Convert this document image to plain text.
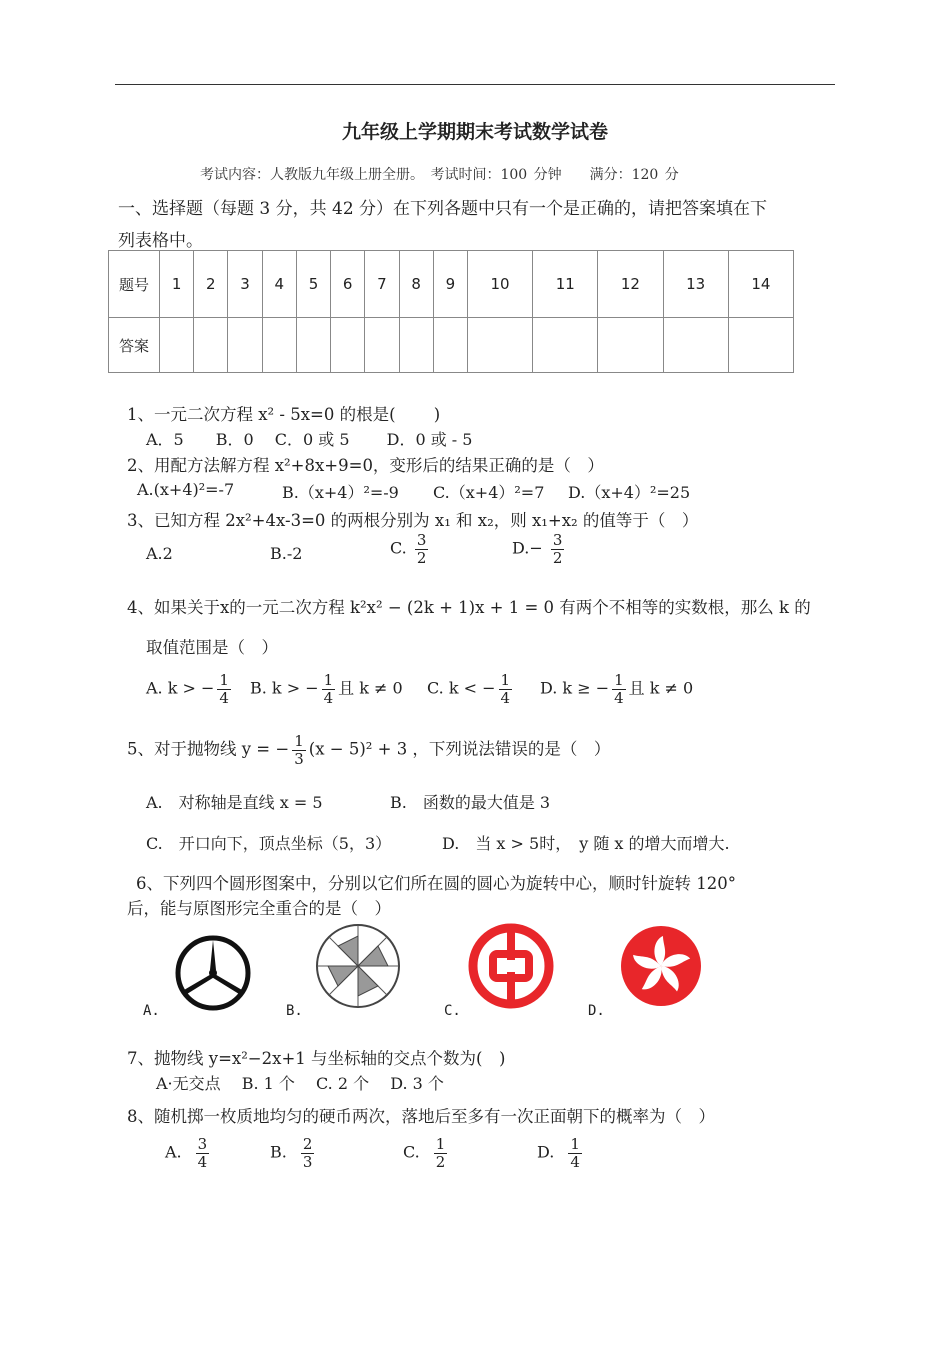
九年级上学期期末考试数学试卷
考试内容：人教版九年级上册全册。 考试时间：100 分钟　　满分：120 分
一、选择题（每题 3 分，共 42 分）在下列各题中只有一个是正确的，请把答案填在下
列表格中。
题号	1	2	3	4	5	6	7	8	9	10	11	12	13	14
答案														
1、一元二次方程 x² - 5x=0 的根是(　　 )
A．5　　B．0　 C．0 或 5　　 D．0 或 - 5
2、用配方法解方程 x²+8x+9=0，变形后的结果正确的是（　）
A.(x+4)²=-7	B.（x+4）²=-9 C.（x+4）²=7 D.（x+4）²=25
3、已知方程 2x²+4x-3=0 的两根分别为 x₁ 和 x₂，则 x₁+x₂ 的值等于（　）
A.2	B.-2	C. $\frac{3}{2}$	$D.- \frac{3}{2}$
4、如果关于x的一元二次方程 k²x² − (2k + 1)x + 1 = 0 有两个不相等的实数根，那么 k 的
取值范围是（　）
A. k > − $\frac{1}{4} B$. k > − $\frac{1}{4}$ 且 k ≠ 0 C. k < − $\frac{1}{4} D$. k ≥ − $\frac{1}{4}$ 且 k ≠ 0
5、对于抛物线 y = − $\frac{1}{3} (x - 5)^2 + 3$ ，下列说法错误的是（　）
A.　对称轴是直线 x = 5	B.　函数的最大值是 3
C.　开口向下，顶点坐标（5，3）	D.　当 x > 5时，　y 随 x 的增大而增大.
6、下列四个圆形图案中，分别以它们所在圆的圆心为旋转中心，顺时针旋转 120°
后，能与原图形完全重合的是（　）
A.	B.	C.	D.
7、抛物线 y=x²−2x+1 与坐标轴的交点个数为(　)
A·无交点　 B. 1 个　 C. 2 个　 D. 3 个
8、随机掷一枚质地均匀的硬币两次，落地后至多有一次正面朝下的概率为（　）
A. $\frac{3}{4}$	B. $\frac{2}{3}$	C. $\frac{1}{2}$	D. $\frac{1}{4}$
